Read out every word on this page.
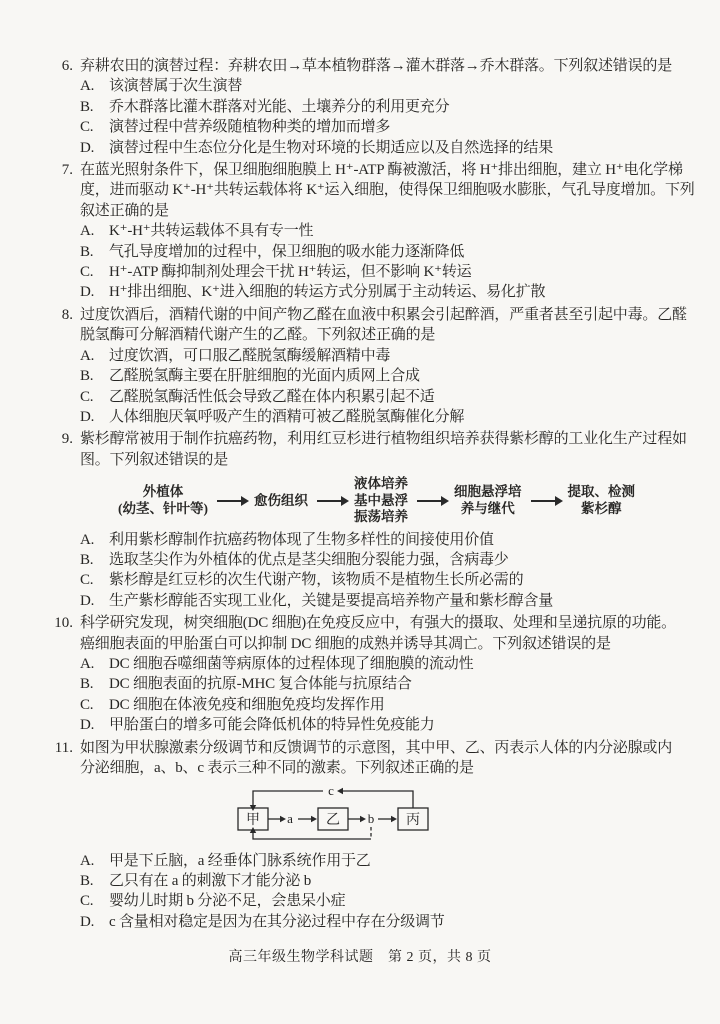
6. 弃耕农田的演替过程：弃耕农田→草本植物群落→灌木群落→乔木群落。下列叙述错误的是
A. 该演替属于次生演替
B. 乔木群落比灌木群落对光能、土壤养分的利用更充分
C. 演替过程中营养级随植物种类的增加而增多
D. 演替过程中生态位分化是生物对环境的长期适应以及自然选择的结果
7. 在蓝光照射条件下，保卫细胞细胞膜上 H⁺-ATP 酶被激活，将 H⁺排出细胞，建立 H⁺电化学梯
度，进而驱动 K⁺-H⁺共转运载体将 K⁺运入细胞，使得保卫细胞吸水膨胀，气孔导度增加。下列
叙述正确的是
A. K⁺-H⁺共转运载体不具有专一性
B. 气孔导度增加的过程中，保卫细胞的吸水能力逐渐降低
C. H⁺-ATP 酶抑制剂处理会干扰 H⁺转运，但不影响 K⁺转运
D. H⁺排出细胞、K⁺进入细胞的转运方式分别属于主动转运、易化扩散
8. 过度饮酒后，酒精代谢的中间产物乙醛在血液中积累会引起醉酒，严重者甚至引起中毒。乙醛
脱氢酶可分解酒精代谢产生的乙醛。下列叙述正确的是
A. 过度饮酒，可口服乙醛脱氢酶缓解酒精中毒
B. 乙醛脱氢酶主要在肝脏细胞的光面内质网上合成
C. 乙醛脱氢酶活性低会导致乙醛在体内积累引起不适
D. 人体细胞厌氧呼吸产生的酒精可被乙醛脱氢酶催化分解
9. 紫杉醇常被用于制作抗癌药物，利用红豆杉进行植物组织培养获得紫杉醇的工业化生产过程如
图。下列叙述错误的是
外植体
(幼茎、针叶等)
愈伤组织
液体培养
基中悬浮
振荡培养
细胞悬浮培
养与继代
提取、检测
紫杉醇
A. 利用紫杉醇制作抗癌药物体现了生物多样性的间接使用价值
B. 选取茎尖作为外植体的优点是茎尖细胞分裂能力强，含病毒少
C. 紫杉醇是红豆杉的次生代谢产物，该物质不是植物生长所必需的
D. 生产紫杉醇能否实现工业化，关键是要提高培养物产量和紫杉醇含量
10. 科学研究发现，树突细胞(DC 细胞)在免疫反应中，有强大的摄取、处理和呈递抗原的功能。
癌细胞表面的甲胎蛋白可以抑制 DC 细胞的成熟并诱导其凋亡。下列叙述错误的是
A. DC 细胞吞噬细菌等病原体的过程体现了细胞膜的流动性
B. DC 细胞表面的抗原-MHC 复合体能与抗原结合
C. DC 细胞在体液免疫和细胞免疫均发挥作用
D. 甲胎蛋白的增多可能会降低机体的特异性免疫能力
11. 如图为甲状腺激素分级调节和反馈调节的示意图，其中甲、乙、丙表示人体的内分泌腺或内
分泌细胞，a、b、c 表示三种不同的激素。下列叙述正确的是
甲	乙	丙
a	b
c
A. 甲是下丘脑，a 经垂体门脉系统作用于乙
B. 乙只有在 a 的刺激下才能分泌 b
C. 婴幼儿时期 b 分泌不足，会患呆小症
D. c 含量相对稳定是因为在其分泌过程中存在分级调节
高三年级生物学科试题　第 2 页，共 8 页
